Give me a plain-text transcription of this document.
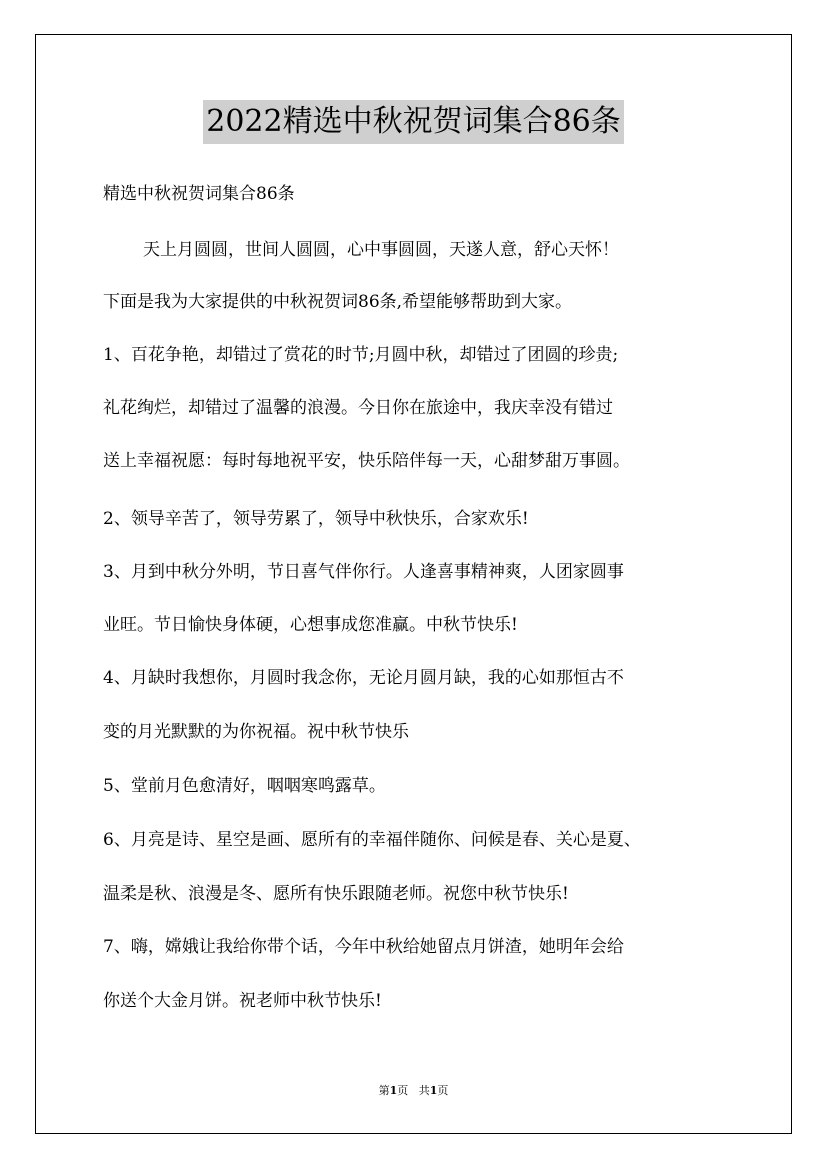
2022精选中秋祝贺词集合86条
精选中秋祝贺词集合86条
天上月圆圆，世间人圆圆，心中事圆圆，天遂人意，舒心天怀！
下面是我为大家提供的中秋祝贺词86条,希望能够帮助到大家。
1、百花争艳，却错过了赏花的时节;月圆中秋，却错过了团圆的珍贵;
礼花绚烂，却错过了温馨的浪漫。今日你在旅途中，我庆幸没有错过
送上幸福祝愿：每时每地祝平安，快乐陪伴每一天，心甜梦甜万事圆。
2、领导辛苦了，领导劳累了，领导中秋快乐，合家欢乐!
3、月到中秋分外明，节日喜气伴你行。人逢喜事精神爽，人团家圆事
业旺。节日愉快身体硬，心想事成您准赢。中秋节快乐!
4、月缺时我想你，月圆时我念你，无论月圆月缺，我的心如那恒古不
变的月光默默的为你祝福。祝中秋节快乐
5、堂前月色愈清好，咽咽寒鸣露草。
6、月亮是诗、星空是画、愿所有的幸福伴随你、问候是春、关心是夏、
温柔是秋、浪漫是冬、愿所有快乐跟随老师。祝您中秋节快乐!
7、嗨，嫦娥让我给你带个话，今年中秋给她留点月饼渣，她明年会给
你送个大金月饼。祝老师中秋节快乐!
第1页 共1页
